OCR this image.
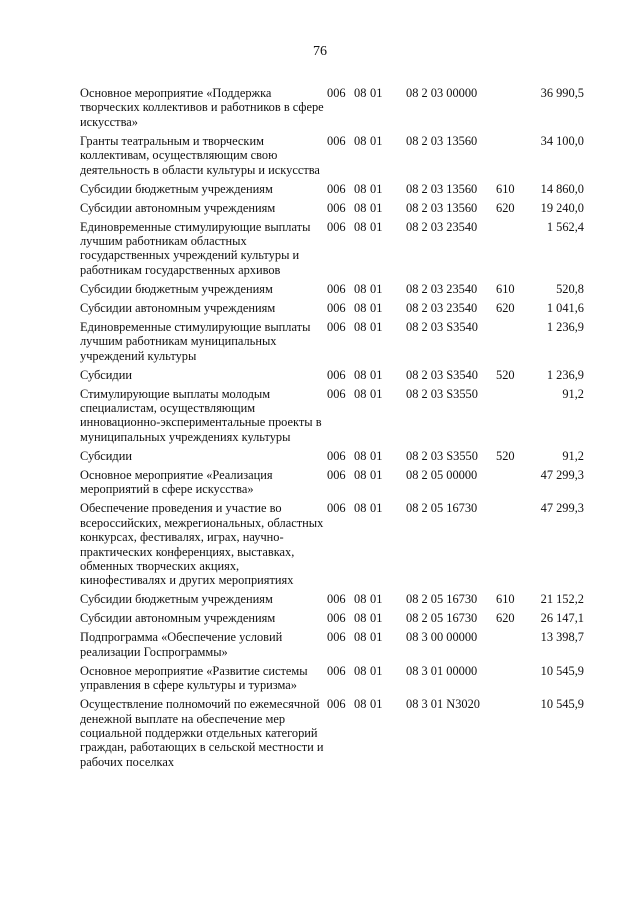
76
Основное мероприятие «Поддержка творческих коллективов и работников в сфере искусства»	006	08	01	08 2 03 00000		36 990,5
Гранты театральным и творческим коллективам, осуществляющим свою деятельность в области культуры и искусства	006	08	01	08 2 03 13560		34 100,0
Субсидии бюджетным учреждениям	006	08	01	08 2 03 13560	610	14 860,0
Субсидии автономным учреждениям	006	08	01	08 2 03 13560	620	19 240,0
Единовременные стимулирующие выплаты лучшим работникам областных государственных учреждений культуры и работникам государственных архивов	006	08	01	08 2 03 23540		1 562,4
Субсидии бюджетным учреждениям	006	08	01	08 2 03 23540	610	520,8
Субсидии автономным учреждениям	006	08	01	08 2 03 23540	620	1 041,6
Единовременные стимулирующие выплаты лучшим работникам муниципальных учреждений культуры	006	08	01	08 2 03 S3540		1 236,9
Субсидии	006	08	01	08 2 03 S3540	520	1 236,9
Стимулирующие выплаты молодым специалистам, осуществляющим инновационно-экспериментальные проекты в муниципальных учреждениях культуры	006	08	01	08 2 03 S3550		91,2
Субсидии	006	08	01	08 2 03 S3550	520	91,2
Основное мероприятие «Реализация мероприятий в сфере искусства»	006	08	01	08 2 05 00000		47 299,3
Обеспечение проведения и участие во всероссийских, межрегиональных, областных конкурсах, фестивалях, играх, научно-практических конференциях, выставках, обменных творческих акциях, кинофестивалях и других мероприятиях	006	08	01	08 2 05 16730		47 299,3
Субсидии бюджетным учреждениям	006	08	01	08 2 05 16730	610	21 152,2
Субсидии автономным учреждениям	006	08	01	08 2 05 16730	620	26 147,1
Подпрограмма «Обеспечение условий реализации Госпрограммы»	006	08	01	08 3 00 00000		13 398,7
Основное мероприятие «Развитие системы управления в сфере культуры и туризма»	006	08	01	08 3 01 00000		10 545,9
Осуществление полномочий по ежемесячной денежной выплате на обеспечение мер социальной поддержки отдельных категорий граждан, работающих в сельской местности и рабочих поселках	006	08	01	08 3 01 N3020		10 545,9
